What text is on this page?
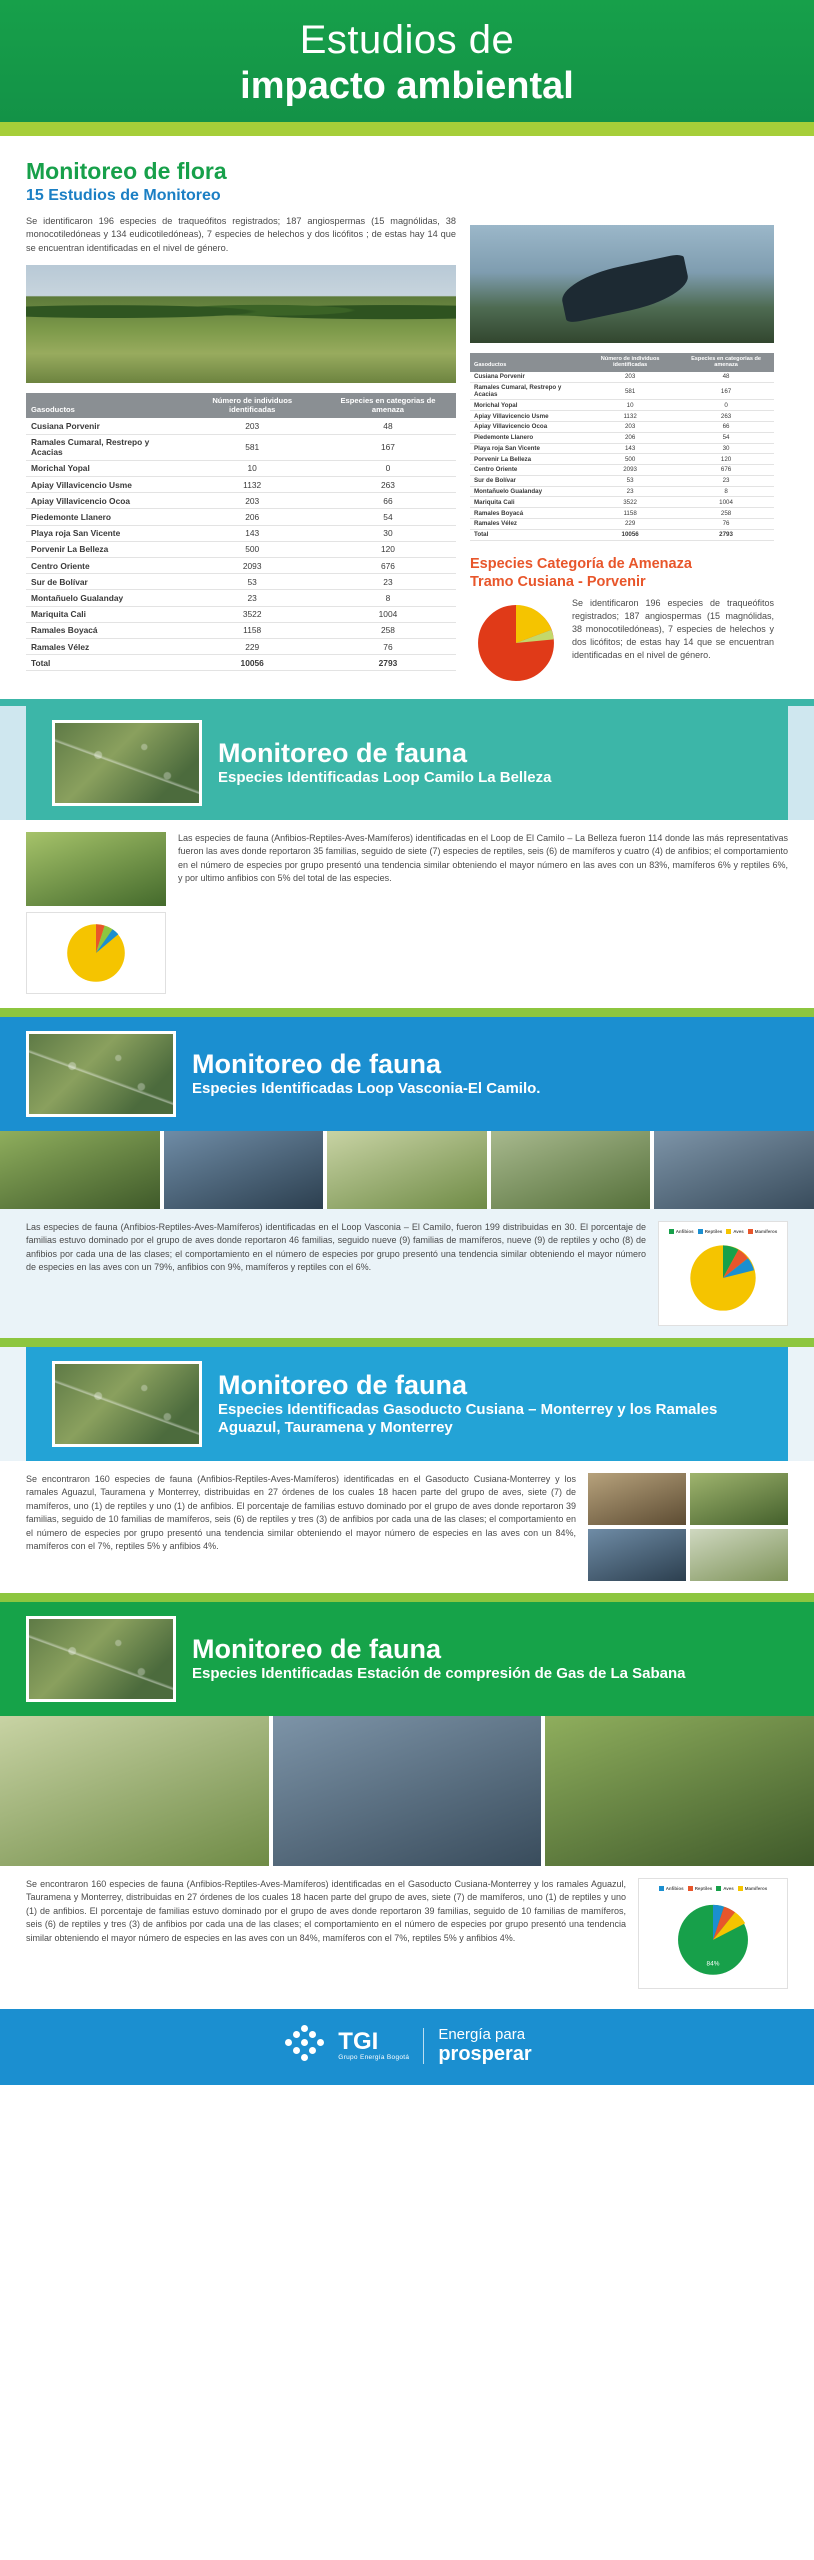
Estudios de
impacto ambiental
Monitoreo de flora
15 Estudios de Monitoreo
Se identificaron 196 especies de traqueófitos registrados; 187 angiospermas (15 magnólidas, 38 monocotiledóneas y 134 eudicotiledóneas), 7 especies de helechos y dos licófitos ; de estas hay 14 que se encuentran identificadas en el nivel de género.
Gasoductos	Número de individuos identificadas	Especies en categorias de amenaza
Cusiana Porvenir	203	48
Ramales Cumaral, Restrepo y Acacias	581	167
Morichal Yopal	10	0
Apiay Villavicencio Usme	1132	263
Apiay Villavicencio Ocoa	203	66
Piedemonte Llanero	206	54
Playa roja San Vicente	143	30
Porvenir La Belleza	500	120
Centro Oriente	2093	676
Sur de Bolívar	53	23
Montañuelo Gualanday	23	8
Mariquita Cali	3522	1004
Ramales Boyacá	1158	258
Ramales Vélez	229	76
Total	10056	2793
Gasoductos	Número de individuos identificadas	Especies en categorias de amenaza
Cusiana Porvenir	203	48
Ramales Cumaral, Restrepo y Acacias	581	167
Morichal Yopal	10	0
Apiay Villavicencio Usme	1132	263
Apiay Villavicencio Ocoa	203	66
Piedemonte Llanero	206	54
Playa roja San Vicente	143	30
Porvenir La Belleza	500	120
Centro Oriente	2093	676
Sur de Bolívar	53	23
Montañuelo Gualanday	23	8
Mariquita Cali	3522	1004
Ramales Boyacá	1158	258
Ramales Vélez	229	76
Total	10056	2793
Especies Categoría de Amenaza
Tramo Cusiana - Porvenir
Se identificaron 196 especies de traqueófitos registrados; 187 angiospermas (15 magnólidas, 38 monocotiledóneas), 7 especies de helechos y dos licófitos; de estas hay 14 que se encuentran identificadas en el nivel de género.
Monitoreo de fauna
Especies Identificadas Loop Camilo La Belleza
Las especies de fauna (Anfibios-Reptiles-Aves-Mamíferos) identificadas en el Loop de El Camilo – La Belleza fueron 114 donde las más representativas fueron las aves donde reportaron 35 familias, seguido de siete (7) especies de reptiles, seis (6) de mamíferos y cuatro (4) de anfibios; el comportamiento en el número de especies por grupo presentó una tendencia similar obteniendo el mayor número en las aves con un 83%, mamíferos 6% y reptiles 6%, y por ultimo anfibios con 5% del total de las especies.
Monitoreo de fauna
Especies Identificadas Loop Vasconia-El Camilo.
Las especies de fauna (Anfibios-Reptiles-Aves-Mamíferos) identificadas en el Loop Vasconia – El Camilo, fueron 199 distribuidas en 30. El porcentaje de familias estuvo dominado por el grupo de aves donde reportaron 46 familias, seguido nueve (9) familias de mamíferos, nueve (9) de reptiles y ocho (8) de anfibios por cada una de las clases; el comportamiento en el número de especies por grupo presentó una tendencia similar obteniendo el mayor número de especies en las aves con un 79%, anfibios con 9%, mamíferos y reptiles con el 6%.
Anfibios Reptiles Aves Mamíferos
Monitoreo de fauna
Especies Identificadas Gasoducto Cusiana – Monterrey y los Ramales Aguazul, Tauramena y Monterrey
Se encontraron 160 especies de fauna (Anfibios-Reptiles-Aves-Mamíferos) identificadas en el Gasoducto Cusiana-Monterrey y los ramales Aguazul, Tauramena y Monterrey, distribuidas en 27 órdenes de los cuales 18 hacen parte del grupo de aves, siete (7) de mamíferos, uno (1) de reptiles y uno (1) de anfibios. El porcentaje de familias estuvo dominado por el grupo de aves donde reportaron 39 familias, seguido de 10 familias de mamíferos, seis (6) de reptiles y tres (3) de anfibios por cada una de las clases; el comportamiento en el número de especies por grupo presentó una tendencia similar obteniendo el mayor número de especies en las aves con un 84%, mamíferos con el 7%, reptiles 5% y anfibios 4%.
Monitoreo de fauna
Especies Identificadas Estación de compresión de Gas de La Sabana
Se encontraron 160 especies de fauna (Anfibios-Reptiles-Aves-Mamíferos) identificadas en el Gasoducto Cusiana-Monterrey y los ramales Aguazul, Tauramena y Monterrey, distribuidas en 27 órdenes de los cuales 18 hacen parte del grupo de aves, siete (7) de mamíferos, uno (1) de reptiles y uno (1) de anfibios. El porcentaje de familias estuvo dominado por el grupo de aves donde reportaron 39 familias, seguido de 10 familias de mamíferos, seis (6) de reptiles y tres (3) de anfibios por cada una de las clases; el comportamiento en el número de especies por grupo presentó una tendencia similar obteniendo el mayor número de especies en las aves con un 84%, mamíferos con el 7%, reptiles 5% y anfibios 4%.
Anfibios Reptiles Aves Mamíferos
84%
TGI
Grupo Energía Bogotá
Energía para
prosperar
